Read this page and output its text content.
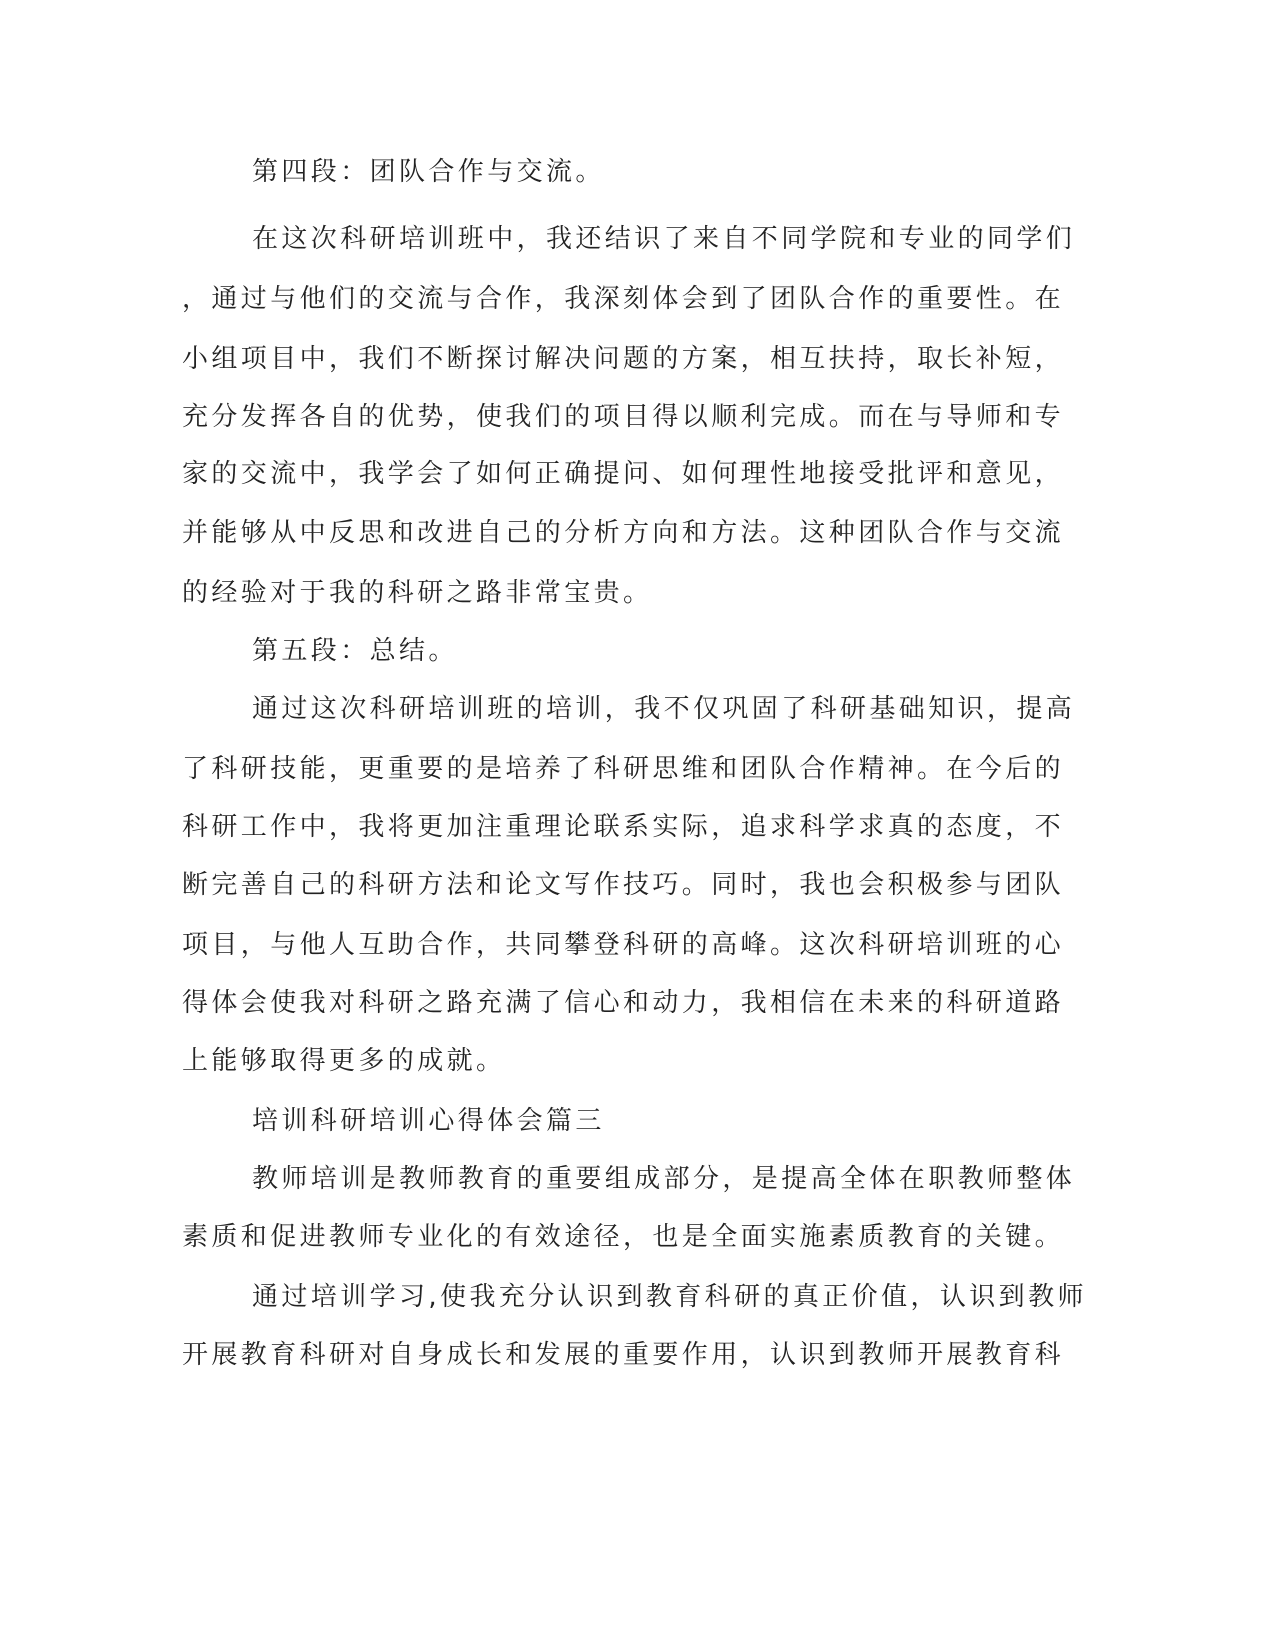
第四段：团队合作与交流。

在这次科研培训班中，我还结识了来自不同学院和专业的同学们

，通过与他们的交流与合作，我深刻体会到了团队合作的重要性。在

小组项目中，我们不断探讨解决问题的方案，相互扶持，取长补短，

充分发挥各自的优势，使我们的项目得以顺利完成。而在与导师和专

家的交流中，我学会了如何正确提问、如何理性地接受批评和意见，

并能够从中反思和改进自己的分析方向和方法。这种团队合作与交流

的经验对于我的科研之路非常宝贵。

第五段：总结。

通过这次科研培训班的培训，我不仅巩固了科研基础知识，提高

了科研技能，更重要的是培养了科研思维和团队合作精神。在今后的

科研工作中，我将更加注重理论联系实际，追求科学求真的态度，不

断完善自己的科研方法和论文写作技巧。同时，我也会积极参与团队

项目，与他人互助合作，共同攀登科研的高峰。这次科研培训班的心

得体会使我对科研之路充满了信心和动力，我相信在未来的科研道路

上能够取得更多的成就。

培训科研培训心得体会篇三

教师培训是教师教育的重要组成部分，是提高全体在职教师整体

素质和促进教师专业化的有效途径，也是全面实施素质教育的关键。

通过培训学习,使我充分认识到教育科研的真正价值，认识到教师

开展教育科研对自身成长和发展的重要作用，认识到教师开展教育科
